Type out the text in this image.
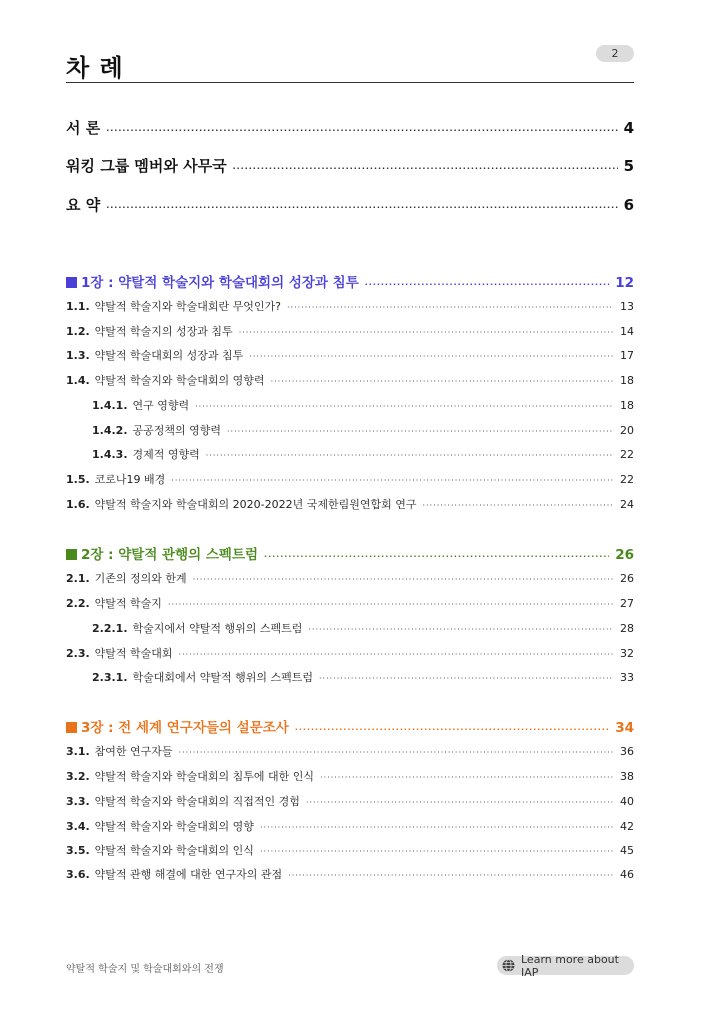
2
차 례
서 론 ·····	4
워킹 그룹 멤버와 사무국 ·····	5
요 약 ·····	6
1장 : 약탈적 학술지와 학술대회의 성장과 침투 ·····	12
1.1. 약탈적 학술지와 학술대회란 무엇인가? ·····	13
1.2. 약탈적 학술지의 성장과 침투 ·····	14
1.3. 약탈적 학술대회의 성장과 침투 ·····	17
1.4. 약탈적 학술지와 학술대회의 영향력 ·····	18
1.4.1. 연구 영향력 ·····	18
1.4.2. 공공정책의 영향력 ·····	20
1.4.3. 경제적 영향력 ·····	22
1.5. 코로나19 배경 ·····	22
1.6. 약탈적 학술지와 학술대회의 2020-2022년 국제한림원연합회 연구 ·····	24
2장 : 약탈적 관행의 스펙트럼 ·····	26
2.1. 기존의 정의와 한계 ·····	26
2.2. 약탈적 학술지 ·····	27
2.2.1. 학술지에서 약탈적 행위의 스펙트럼 ·····	28
2.3. 약탈적 학술대회 ·····	32
2.3.1. 학술대회에서 약탈적 행위의 스펙트럼 ·····	33
3장 : 전 세계 연구자들의 설문조사 ·····	34
3.1. 참여한 연구자들 ·····	36
3.2. 약탈적 학술지와 학술대회의 침투에 대한 인식 ·····	38
3.3. 약탈적 학술지와 학술대회의 직접적인 경험 ·····	40
3.4. 약탈적 학술지와 학술대회의 영향 ·····	42
3.5. 약탈적 학술지와 학술대회의 인식 ·····	45
3.6. 약탈적 관행 해결에 대한 연구자의 관점 ·····	46
약탈적 학술지 및 학술대회와의 전쟁
Learn more about IAP
